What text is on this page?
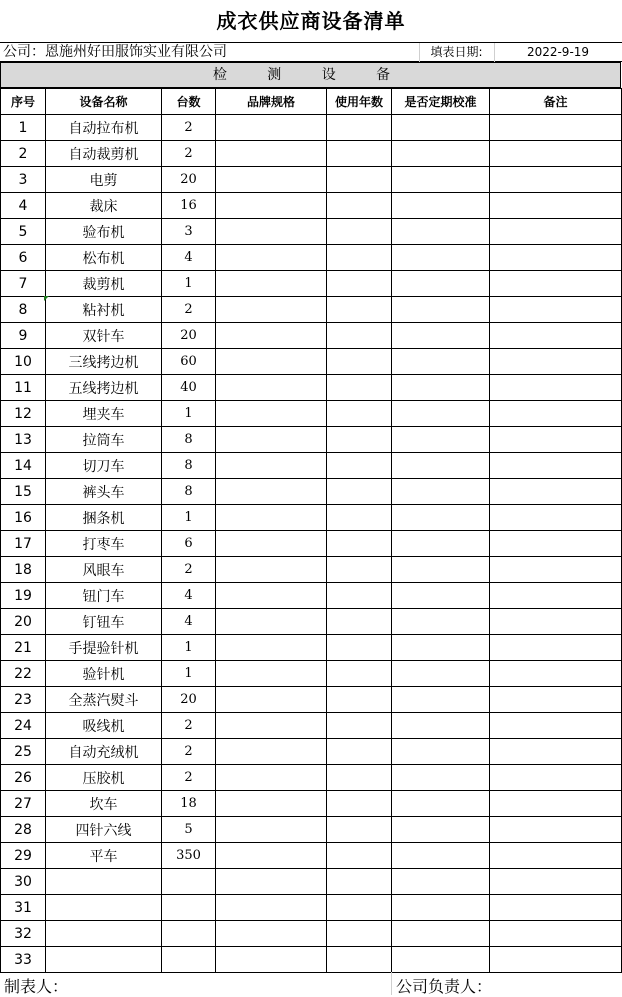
成衣供应商设备清单
公司：恩施州好田服饰实业有限公司	填表日期:	2022-9-19
检 测 设 备
序号	设备名称	台数	品牌规格	使用年数	是否定期校准	备注
1	自动拉布机	2				
2	自动裁剪机	2				
3	电剪	20				
4	裁床	16				
5	验布机	3				
6	松布机	4				
7	裁剪机	1				
8	粘衬机	2				
9	双针车	20				
10	三线拷边机	60				
11	五线拷边机	40				
12	埋夹车	1				
13	拉筒车	8				
14	切刀车	8				
15	裤头车	8				
16	捆条机	1				
17	打枣车	6				
18	风眼车	2				
19	钮门车	4				
20	钉钮车	4				
21	手提验针机	1				
22	验针机	1				
23	全蒸汽熨斗	20				
24	吸线机	2				
25	自动充绒机	2				
26	压胶机	2				
27	坎车	18				
28	四针六线	5				
29	平车	350				
30						
31						
32						
33						
制表人：	公司负责人：
